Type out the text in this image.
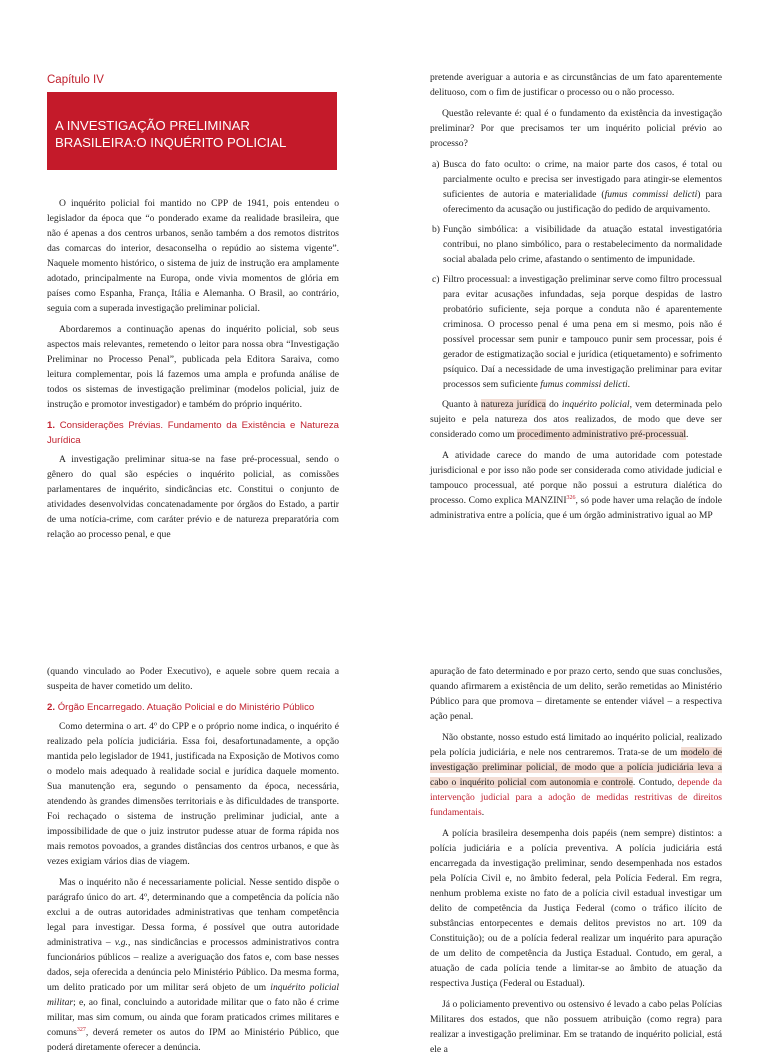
Capítulo IV
A INVESTIGAÇÃO PRELIMINAR
BRASILEIRA:O INQUÉRITO POLICIAL

O inquérito policial foi mantido no CPP de 1941, pois entendeu o legislador da época que “o ponderado exame da realidade brasileira, que não é apenas a dos centros urbanos, senão também a dos remotos distritos das comarcas do interior, desaconselha o repúdio ao sistema vigente”. Naquele momento histórico, o sistema de juiz de instrução era amplamente adotado, principalmente na Europa, onde vivia momentos de glória em países como Espanha, França, Itália e Alemanha. O Brasil, ao contrário, seguia com a superada investigação preliminar policial.

Abordaremos a continuação apenas do inquérito policial, sob seus aspectos mais relevantes, remetendo o leitor para nossa obra “Investigação Preliminar no Processo Penal”, publicada pela Editora Saraiva, como leitura complementar, pois lá fazemos uma ampla e profunda análise de todos os sistemas de investigação preliminar (modelos policial, juiz de instrução e promotor investigador) e também do próprio inquérito.

1. Considerações Prévias. Fundamento da Existência e Natureza Jurídica

A investigação preliminar situa-se na fase pré-processual, sendo o gênero do qual são espécies o inquérito policial, as comissões parlamentares de inquérito, sindicâncias etc. Constitui o conjunto de atividades desenvolvidas concatenadamente por órgãos do Estado, a partir de uma notícia-crime, com caráter prévio e de natureza preparatória com relação ao processo penal, e que

pretende averiguar a autoria e as circunstâncias de um fato aparentemente delituoso, com o fim de justificar o processo ou o não processo.

Questão relevante é: qual é o fundamento da existência da investigação preliminar? Por que precisamos ter um inquérito policial prévio ao processo?

a) Busca do fato oculto: o crime, na maior parte dos casos, é total ou parcialmente oculto e precisa ser investigado para atingir-se elementos suficientes de autoria e materialidade (fumus commissi delicti) para oferecimento da acusação ou justificação do pedido de arquivamento.
b) Função simbólica: a visibilidade da atuação estatal investigatória contribui, no plano simbólico, para o restabelecimento da normalidade social abalada pelo crime, afastando o sentimento de impunidade.
c) Filtro processual: a investigação preliminar serve como filtro processual para evitar acusações infundadas, seja porque despidas de lastro probatório suficiente, seja porque a conduta não é aparentemente criminosa. O processo penal é uma pena em si mesmo, pois não é possível processar sem punir e tampouco punir sem processar, pois é gerador de estigmatização social e jurídica (etiquetamento) e sofrimento psíquico. Daí a necessidade de uma investigação preliminar para evitar processos sem suficiente fumus commissi delicti.

Quanto à natureza jurídica do inquérito policial, vem determinada pelo sujeito e pela natureza dos atos realizados, de modo que deve ser considerado como um procedimento administrativo pré-processual.

A atividade carece do mando de uma autoridade com potestade jurisdicional e por isso não pode ser considerada como atividade judicial e tampouco processual, até porque não possui a estrutura dialética do processo. Como explica MANZINI$^{326}$, só pode haver uma relação de índole administrativa entre a polícia, que é um órgão administrativo igual ao MP

(quando vinculado ao Poder Executivo), e aquele sobre quem recaia a suspeita de haver cometido um delito.

2. Órgão Encarregado. Atuação Policial e do Ministério Público

Como determina o art. 4º do CPP e o próprio nome indica, o inquérito é realizado pela polícia judiciária. Essa foi, desafortunadamente, a opção mantida pelo legislador de 1941, justificada na Exposição de Motivos como o modelo mais adequado à realidade social e jurídica daquele momento. Sua manutenção era, segundo o pensamento da época, necessária, atendendo às grandes dimensões territoriais e às dificuldades de transporte. Foi rechaçado o sistema de instrução preliminar judicial, ante a impossibilidade de que o juiz instrutor pudesse atuar de forma rápida nos mais remotos povoados, a grandes distâncias dos centros urbanos, e que às vezes exigiam vários dias de viagem.

Mas o inquérito não é necessariamente policial. Nesse sentido dispõe o parágrafo único do art. 4º, determinando que a competência da polícia não exclui a de outras autoridades administrativas que tenham competência legal para investigar. Dessa forma, é possível que outra autoridade administrativa – v.g., nas sindicâncias e processos administrativos contra funcionários públicos – realize a averiguação dos fatos e, com base nesses dados, seja oferecida a denúncia pelo Ministério Público. Da mesma forma, um delito praticado por um militar será objeto de um inquérito policial militar; e, ao final, concluindo a autoridade militar que o fato não é crime militar, mas sim comum, ou ainda que foram praticados crimes militares e comuns$^{327}$, deverá remeter os autos do IPM ao Ministério Público, que poderá diretamente oferecer a denúncia.

apuração de fato determinado e por prazo certo, sendo que suas conclusões, quando afirmarem a existência de um delito, serão remetidas ao Ministério Público para que promova – diretamente se entender viável – a respectiva ação penal.

Não obstante, nosso estudo está limitado ao inquérito policial, realizado pela polícia judiciária, e nele nos centraremos. Trata-se de um modelo de investigação preliminar policial, de modo que a polícia judiciária leva a cabo o inquérito policial com autonomia e controle. Contudo, depende da intervenção judicial para a adoção de medidas restritivas de direitos fundamentais.

A polícia brasileira desempenha dois papéis (nem sempre) distintos: a polícia judiciária e a polícia preventiva. A polícia judiciária está encarregada da investigação preliminar, sendo desempenhada nos estados pela Polícia Civil e, no âmbito federal, pela Polícia Federal. Em regra, nenhum problema existe no fato de a polícia civil estadual investigar um delito de competência da Justiça Federal (como o tráfico ilícito de substâncias entorpecentes e demais delitos previstos no art. 109 da Constituição); ou de a polícia federal realizar um inquérito para apuração de um delito de competência da Justiça Estadual. Contudo, em geral, a atuação de cada polícia tende a limitar-se ao âmbito de atuação da respectiva Justiça (Federal ou Estadual).

Já o policiamento preventivo ou ostensivo é levado a cabo pelas Polícias Militares dos estados, que não possuem atribuição (como regra) para realizar a investigação preliminar. Em se tratando de inquérito policial, está ele a
